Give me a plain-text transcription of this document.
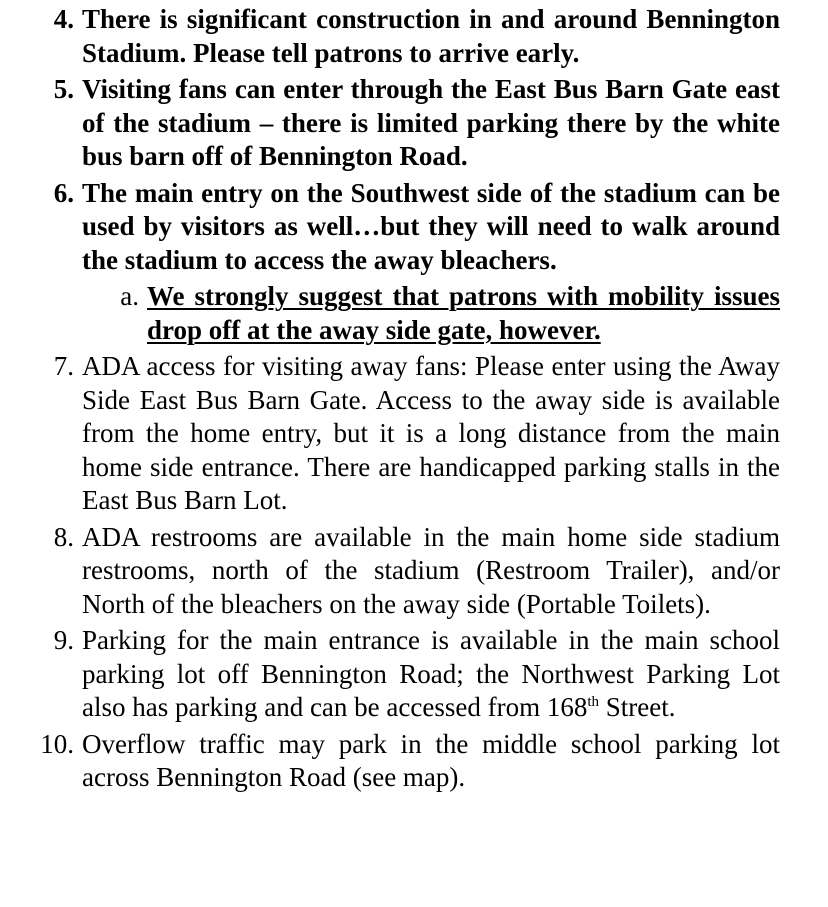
4. There is significant construction in and around Bennington Stadium. Please tell patrons to arrive early.
5. Visiting fans can enter through the East Bus Barn Gate east of the stadium – there is limited parking there by the white bus barn off of Bennington Road.
6. The main entry on the Southwest side of the stadium can be used by visitors as well…but they will need to walk around the stadium to access the away bleachers.
a. We strongly suggest that patrons with mobility issues drop off at the away side gate, however.
7. ADA access for visiting away fans: Please enter using the Away Side East Bus Barn Gate. Access to the away side is available from the home entry, but it is a long distance from the main home side entrance. There are handicapped parking stalls in the East Bus Barn Lot.
8. ADA restrooms are available in the main home side stadium restrooms, north of the stadium (Restroom Trailer), and/or North of the bleachers on the away side (Portable Toilets).
9. Parking for the main entrance is available in the main school parking lot off Bennington Road; the Northwest Parking Lot also has parking and can be accessed from 168th Street.
10. Overflow traffic may park in the middle school parking lot across Bennington Road (see map).
